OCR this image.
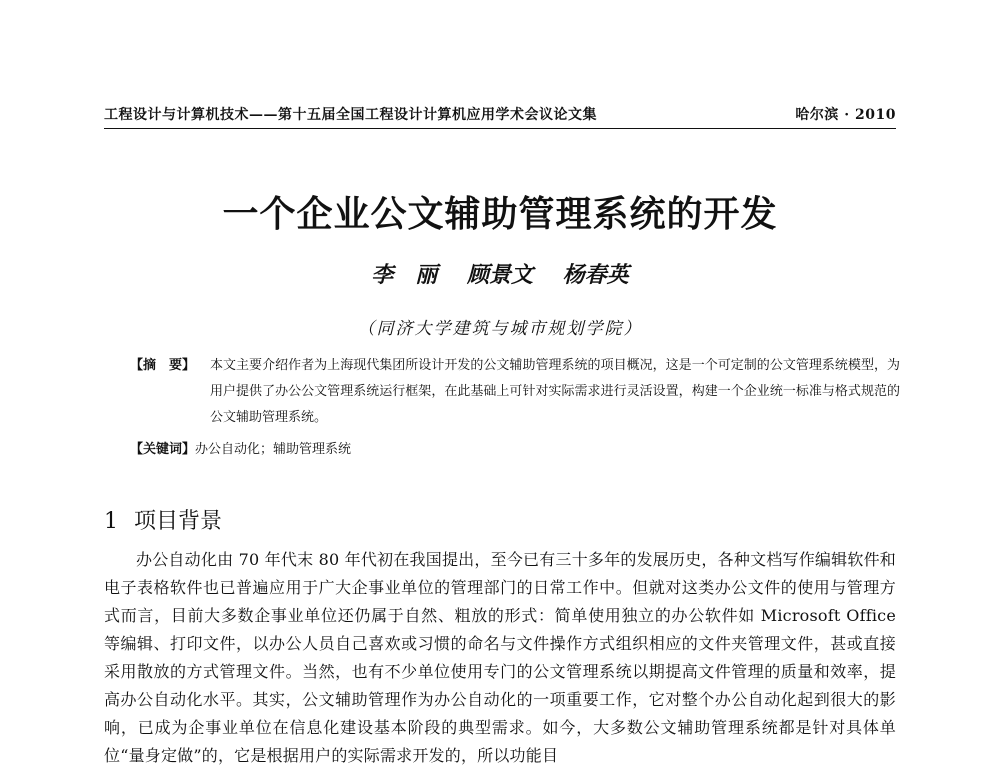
工程设计与计算机技术——第十五届全国工程设计计算机应用学术会议论文集	哈尔滨 · 2010
一个企业公文辅助管理系统的开发
李　丽 顾景文 杨春英
（同济大学建筑与城市规划学院）
【摘　要】 本文主要介绍作者为上海现代集团所设计开发的公文辅助管理系统的项目概况，这是一个可定制的公文管理系统模型，为用户提供了办公公文管理系统运行框架，在此基础上可针对实际需求进行灵活设置，构建一个企业统一标准与格式规范的公文辅助管理系统。
【关键词】办公自动化；辅助管理系统
1 项目背景
办公自动化由 70 年代末 80 年代初在我国提出，至今已有三十多年的发展历史，各种文档写作编辑软件和电子表格软件也已普遍应用于广大企事业单位的管理部门的日常工作中。但就对这类办公文件的使用与管理方式而言，目前大多数企事业单位还仍属于自然、粗放的形式：简单使用独立的办公软件如 Microsoft Office 等编辑、打印文件，以办公人员自己喜欢或习惯的命名与文件操作方式组织相应的文件夹管理文件，甚或直接采用散放的方式管理文件。当然，也有不少单位使用专门的公文管理系统以期提高文件管理的质量和效率，提高办公自动化水平。其实，公文辅助管理作为办公自动化的一项重要工作，它对整个办公自动化起到很大的影响，已成为企事业单位在信息化建设基本阶段的典型需求。如今，大多数公文辅助管理系统都是针对具体单位“量身定做”的，它是根据用户的实际需求开发的，所以功能目
